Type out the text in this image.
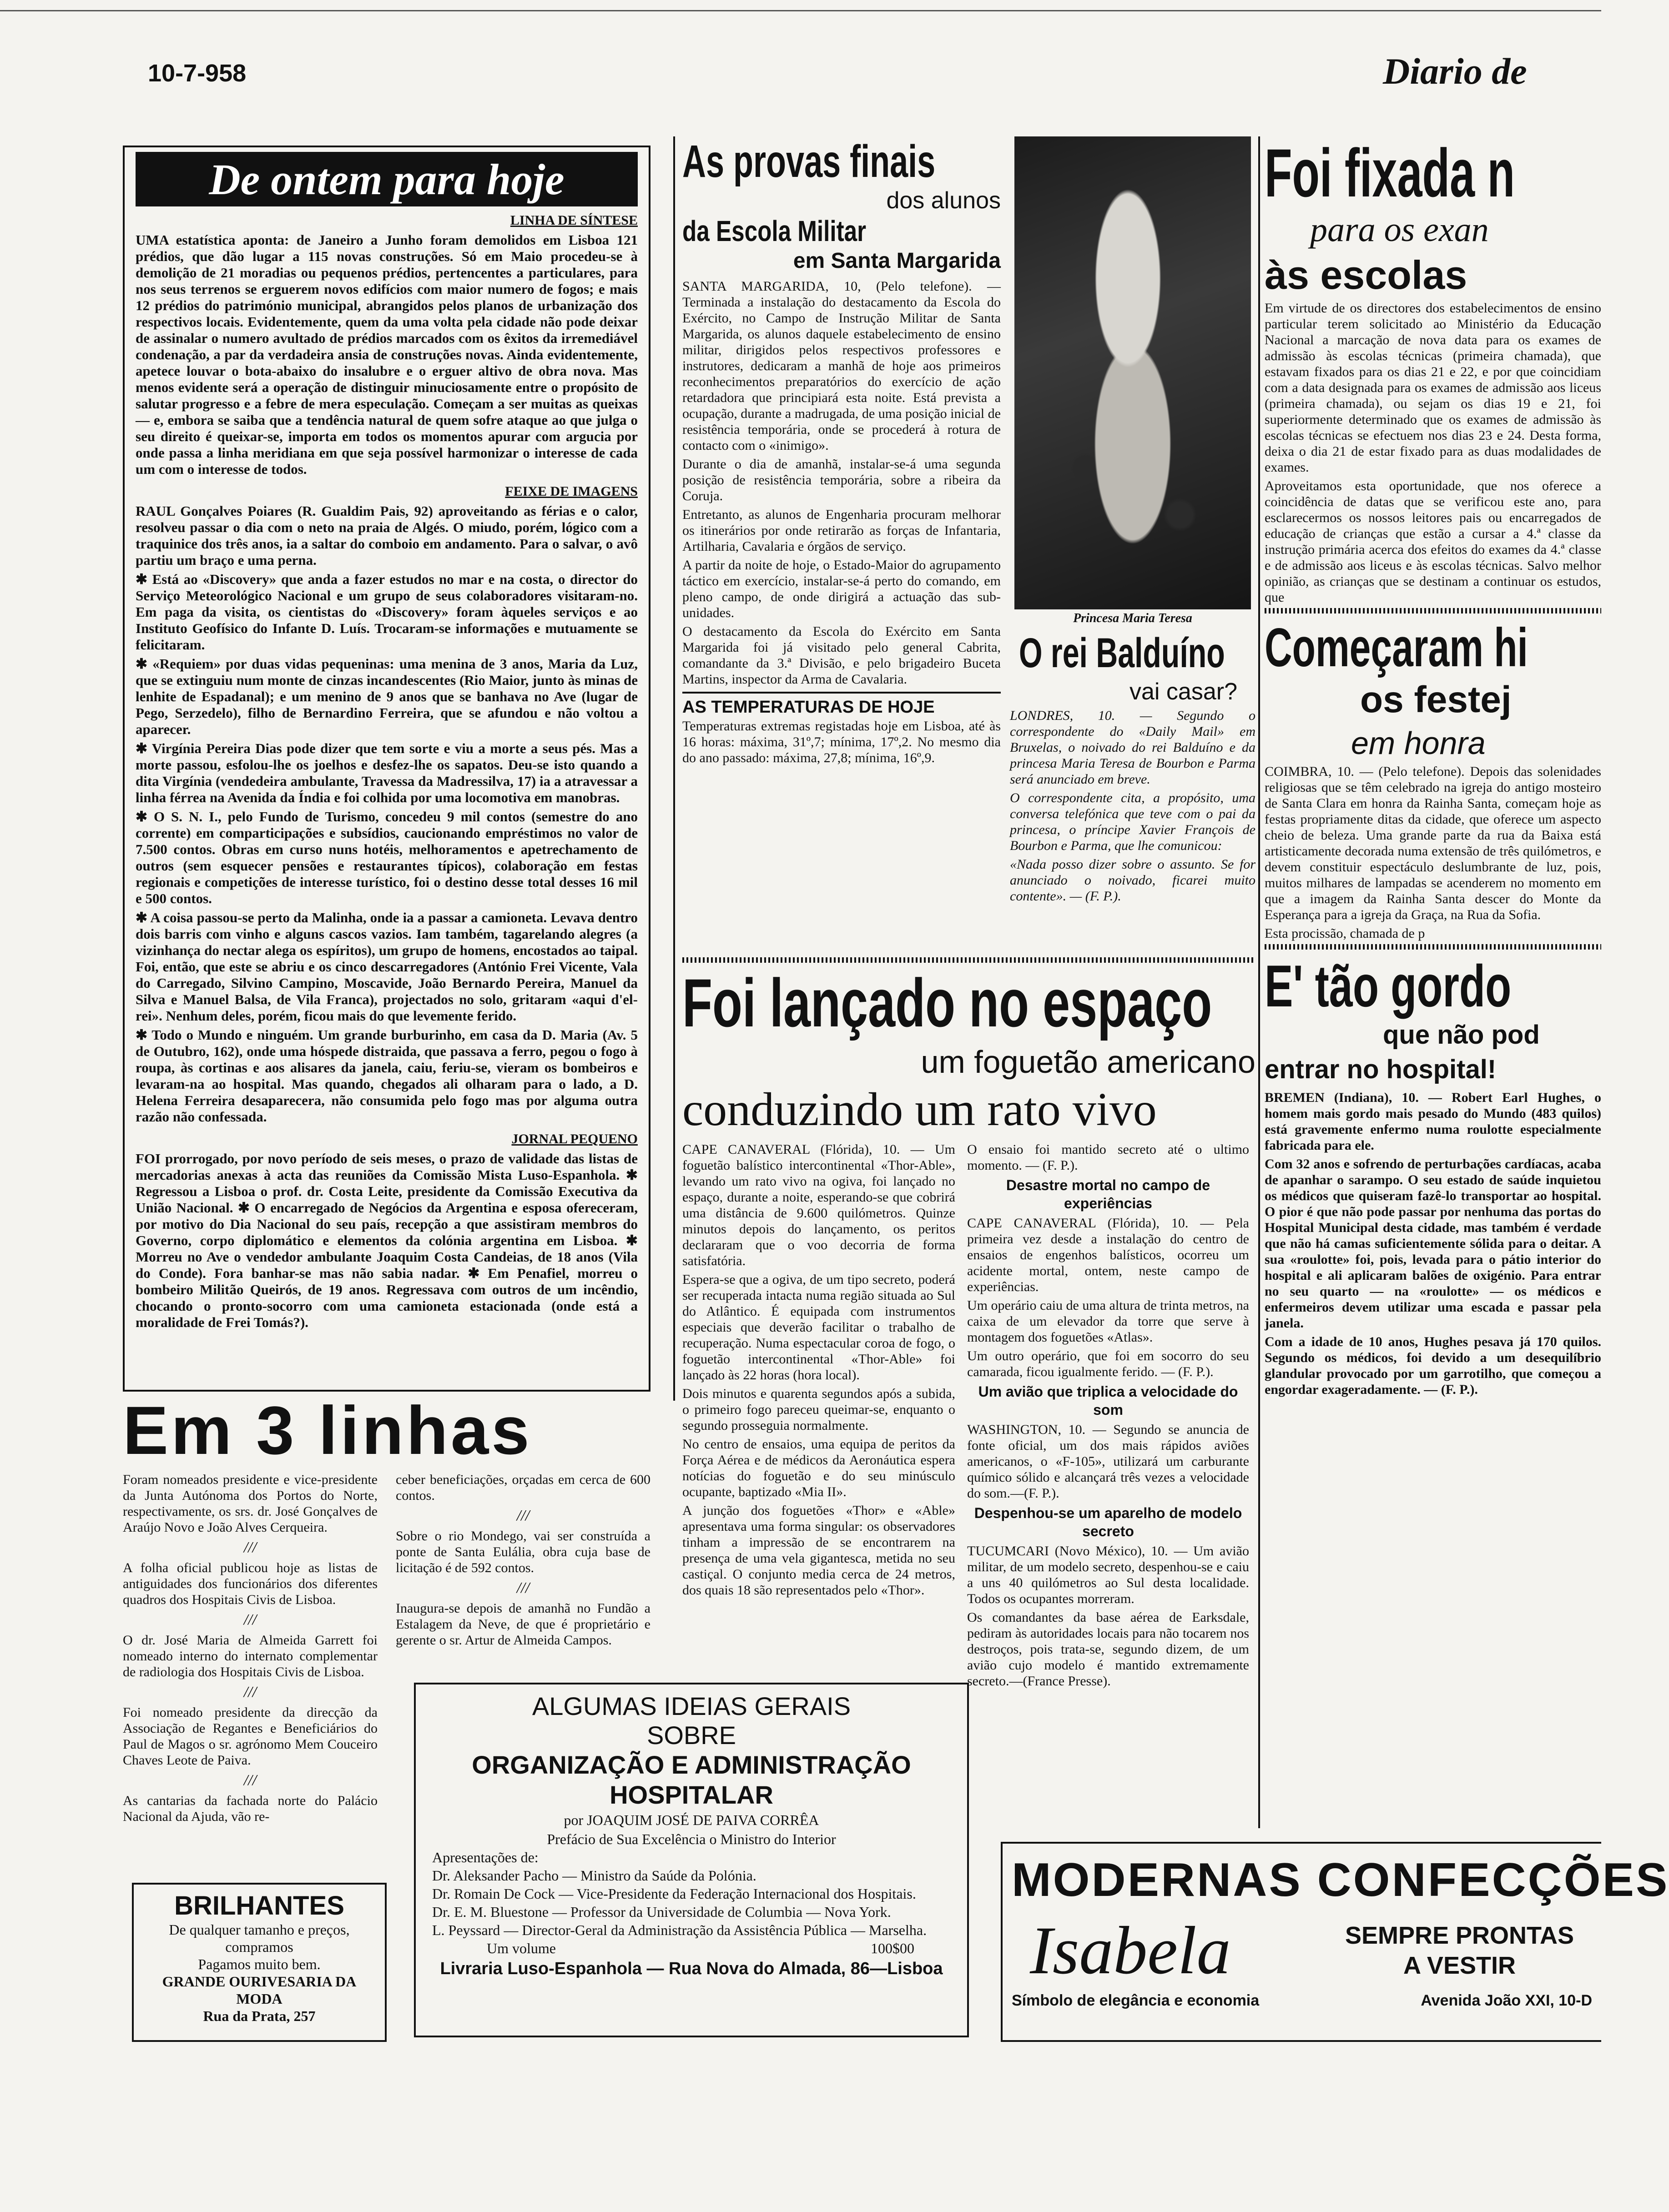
10-7-958	Diario de
De ontem para hoje
LINHA DE SÍNTESE

UMA estatística aponta: de Janeiro a Junho foram demolidos em Lisboa 121 prédios, que dão lugar a 115 novas construções. Só em Maio procedeu-se à demolição de 21 moradias ou pequenos prédios, pertencentes a particulares, para nos seus terrenos se erguerem novos edifícios com maior numero de fogos; e mais 12 prédios do património municipal, abrangidos pelos planos de urbanização dos respectivos locais. Evidentemente, quem da uma volta pela cidade não pode deixar de assinalar o numero avultado de prédios marcados com os êxitos da irremediável condenação, a par da verdadeira ansia de construções novas. Ainda evidentemente, apetece louvar o bota-abaixo do insalubre e o erguer altivo de obra nova. Mas menos evidente será a operação de distinguir minuciosamente entre o propósito de salutar progresso e a febre de mera especulação. Começam a ser muitas as queixas — e, embora se saiba que a tendência natural de quem sofre ataque ao que julga o seu direito é queixar-se, importa em todos os momentos apurar com argucia por onde passa a linha meridiana em que seja possível harmonizar o interesse de cada um com o interesse de todos.

FEIXE DE IMAGENS

RAUL Gonçalves Poiares (R. Gualdim Pais, 92) aproveitando as férias e o calor, resolveu passar o dia com o neto na praia de Algés. O miudo, porém, lógico com a traquinice dos três anos, ia a saltar do comboio em andamento. Para o salvar, o avô partiu um braço e uma perna.

✱ Está ao «Discovery» que anda a fazer estudos no mar e na costa, o director do Serviço Meteorológico Nacional e um grupo de seus colaboradores visitaram-no. Em paga da visita, os cientistas do «Discovery» foram àqueles serviços e ao Instituto Geofísico do Infante D. Luís. Trocaram-se informações e mutuamente se felicitaram.

✱ «Requiem» por duas vidas pequeninas: uma menina de 3 anos, Maria da Luz, que se extinguiu num monte de cinzas incandescentes (Rio Maior, junto às minas de lenhite de Espadanal); e um menino de 9 anos que se banhava no Ave (lugar de Pego, Serzedelo), filho de Bernardino Ferreira, que se afundou e não voltou a aparecer.

✱ Virgínia Pereira Dias pode dizer que tem sorte e viu a morte a seus pés. Mas a morte passou, esfolou-lhe os joelhos e desfez-lhe os sapatos. Deu-se isto quando a dita Virgínia (vendedeira ambulante, Travessa da Madressilva, 17) ia a atravessar a linha férrea na Avenida da Índia e foi colhida por uma locomotiva em manobras.

✱ O S. N. I., pelo Fundo de Turismo, concedeu 9 mil contos (semestre do ano corrente) em comparticipações e subsídios, caucionando empréstimos no valor de 7.500 contos. Obras em curso nuns hotéis, melhoramentos e apetrechamento de outros (sem esquecer pensões e restaurantes típicos), colaboração em festas regionais e competições de interesse turístico, foi o destino desse total desses 16 mil e 500 contos.

✱ A coisa passou-se perto da Malinha, onde ia a passar a camioneta. Levava dentro dois barris com vinho e alguns cascos vazios. Iam também, tagarelando alegres (a vizinhança do nectar alega os espíritos), um grupo de homens, encostados ao taipal. Foi, então, que este se abriu e os cinco descarregadores (António Frei Vicente, Vala do Carregado, Silvino Campino, Moscavide, João Bernardo Pereira, Manuel da Silva e Manuel Balsa, de Vila Franca), projectados no solo, gritaram «aqui d'el-rei». Nenhum deles, porém, ficou mais do que levemente ferido.

✱ Todo o Mundo e ninguém. Um grande burburinho, em casa da D. Maria (Av. 5 de Outubro, 162), onde uma hóspede distraida, que passava a ferro, pegou o fogo à roupa, às cortinas e aos alisares da janela, caiu, feriu-se, vieram os bombeiros e levaram-na ao hospital. Mas quando, chegados ali olharam para o lado, a D. Helena Ferreira desaparecera, não consumida pelo fogo mas por alguma outra razão não confessada.

JORNAL PEQUENO

FOI prorrogado, por novo período de seis meses, o prazo de validade das listas de mercadorias anexas à acta das reuniões da Comissão Mista Luso-Espanhola. ✱ Regressou a Lisboa o prof. dr. Costa Leite, presidente da Comissão Executiva da União Nacional. ✱ O encarregado de Negócios da Argentina e esposa ofereceram, por motivo do Dia Nacional do seu país, recepção a que assistiram membros do Governo, corpo diplomático e elementos da colónia argentina em Lisboa. ✱ Morreu no Ave o vendedor ambulante Joaquim Costa Candeias, de 18 anos (Vila do Conde). Fora banhar-se mas não sabia nadar. ✱ Em Penafiel, morreu o bombeiro Militão Queirós, de 19 anos. Regressava com outros de um incêndio, chocando o pronto-socorro com uma camioneta estacionada (onde está a moralidade de Frei Tomás?).

As provas finais
dos alunos
da Escola Militar
em Santa Margarida

SANTA MARGARIDA, 10, (Pelo telefone). — Terminada a instalação do destacamento da Escola do Exército, no Campo de Instrução Militar de Santa Margarida, os alunos daquele estabelecimento de ensino militar, dirigidos pelos respectivos professores e instrutores, dedicaram a manhã de hoje aos primeiros reconhecimentos preparatórios do exercício de ação retardadora que principiará esta noite. Está prevista a ocupação, durante a madrugada, de uma posição inicial de resistência temporária, onde se procederá à rotura de contacto com o «inimigo».

Durante o dia de amanhã, instalar-se-á uma segunda posição de resistência temporária, sobre a ribeira da Coruja.

Entretanto, as alunos de Engenharia procuram melhorar os itinerários por onde retirarão as forças de Infantaria, Artilharia, Cavalaria e órgãos de serviço.

A partir da noite de hoje, o Estado-Maior do agrupamento táctico em exercício, instalar-se-á perto do comando, em pleno campo, de onde dirigirá a actuação das sub-unidades.

O destacamento da Escola do Exército em Santa Margarida foi já visitado pelo general Cabrita, comandante da 3.ª Divisão, e pelo brigadeiro Buceta Martins, inspector da Arma de Cavalaria.

AS TEMPERATURAS DE HOJE

Temperaturas extremas registadas hoje em Lisboa, até às 16 horas: máxima, 31º,7; mínima, 17º,2. No mesmo dia do ano passado: máxima, 27,8; mínima, 16º,9.

Princesa Maria Teresa
O rei Balduíno
vai casar?

LONDRES, 10. — Segundo o correspondente do «Daily Mail» em Bruxelas, o noivado do rei Balduíno e da princesa Maria Teresa de Bourbon e Parma será anunciado em breve.

O correspondente cita, a propósito, uma conversa telefónica que teve com o pai da princesa, o príncipe Xavier François de Bourbon e Parma, que lhe comunicou:

«Nada posso dizer sobre o assunto. Se for anunciado o noivado, ficarei muito contente». — (F. P.).

Foi lançado no espaço
um foguetão americano
conduzindo um rato vivo

CAPE CANAVERAL (Flórida), 10. — Um foguetão balístico intercontinental «Thor-Able», levando um rato vivo na ogiva, foi lançado no espaço, durante a noite, esperando-se que cobrirá uma distância de 9.600 quilómetros. Quinze minutos depois do lançamento, os peritos declararam que o voo decorria de forma satisfatória.

Espera-se que a ogiva, de um tipo secreto, poderá ser recuperada intacta numa região situada ao Sul do Atlântico. É equipada com instrumentos especiais que deverão facilitar o trabalho de recuperação. Numa espectacular coroa de fogo, o foguetão intercontinental «Thor-Able» foi lançado às 22 horas (hora local).

Dois minutos e quarenta segundos após a subida, o primeiro fogo pareceu queimar-se, enquanto o segundo prosseguia normalmente.

No centro de ensaios, uma equipa de peritos da Força Aérea e de médicos da Aeronáutica espera notícias do foguetão e do seu minúsculo ocupante, baptizado «Mia II».

A junção dos foguetões «Thor» e «Able» apresentava uma forma singular: os observadores tinham a impressão de se encontrarem na presença de uma vela gigantesca, metida no seu castiçal. O conjunto media cerca de 24 metros, dos quais 18 são representados pelo «Thor».

O ensaio foi mantido secreto até o ultimo momento. — (F. P.).

Desastre mortal no campo de experiências

CAPE CANAVERAL (Flórida), 10. — Pela primeira vez desde a instalação do centro de ensaios de engenhos balísticos, ocorreu um acidente mortal, ontem, neste campo de experiências.

Um operário caiu de uma altura de trinta metros, na caixa de um elevador da torre que serve à montagem dos foguetões «Atlas».

Um outro operário, que foi em socorro do seu camarada, ficou igualmente ferido. — (F. P.).

Um avião que triplica a velocidade do som

WASHINGTON, 10. — Segundo se anuncia de fonte oficial, um dos mais rápidos aviões americanos, o «F-105», utilizará um carburante químico sólido e alcançará três vezes a velocidade do som.—(F. P.).

Despenhou-se um aparelho de modelo secreto

TUCUMCARI (Novo México), 10. — Um avião militar, de um modelo secreto, despenhou-se e caiu a uns 40 quilómetros ao Sul desta localidade. Todos os ocupantes morreram.

Os comandantes da base aérea de Earksdale, pediram às autoridades locais para não tocarem nos destroços, pois trata-se, segundo dizem, de um avião cujo modelo é mantido extremamente secreto.—(France Presse).

Foi fixada n
para os exan
às escolas

Em virtude de os directores dos estabelecimentos de ensino particular terem solicitado ao Ministério da Educação Nacional a marcação de nova data para os exames de admissão às escolas técnicas (primeira chamada), que estavam fixados para os dias 21 e 22, e por que coincidiam com a data designada para os exames de admissão aos liceus (primeira chamada), ou sejam os dias 19 e 21, foi superiormente determinado que os exames de admissão às escolas técnicas se efectuem nos dias 23 e 24. Desta forma, deixa o dia 21 de estar fixado para as duas modalidades de exames.

Aproveitamos esta oportunidade, que nos oferece a coincidência de datas que se verificou este ano, para esclarecermos os nossos leitores pais ou encarregados de educação de crianças que estão a cursar a 4.ª classe da instrução primária acerca dos efeitos do exames da 4.ª classe e de admissão aos liceus e às escolas técnicas. Salvo melhor opinião, as crianças que se destinam a continuar os estudos, que

Começaram hi
os festej
em honra

COIMBRA, 10. — (Pelo telefone). Depois das solenidades religiosas que se têm celebrado na igreja do antigo mosteiro de Santa Clara em honra da Rainha Santa, começam hoje as festas propriamente ditas da cidade, que oferece um aspecto cheio de beleza. Uma grande parte da rua da Baixa está artisticamente decorada numa extensão de três quilómetros, e devem constituir espectáculo deslumbrante de luz, pois, muitos milhares de lampadas se acenderem no momento em que a imagem da Rainha Santa descer do Monte da Esperança para a igreja da Graça, na Rua da Sofia.

Esta procissão, chamada de p

E' tão gordo
que não pod
entrar no hospital!

BREMEN (Indiana), 10. — Robert Earl Hughes, o homem mais gordo mais pesado do Mundo (483 quilos) está gravemente enfermo numa roulotte especialmente fabricada para ele.

Com 32 anos e sofrendo de perturbações cardíacas, acaba de apanhar o sarampo. O seu estado de saúde inquietou os médicos que quiseram fazê-lo transportar ao hospital. O pior é que não pode passar por nenhuma das portas do Hospital Municipal desta cidade, mas também é verdade que não há camas suficientemente sólida para o deitar. A sua «roulotte» foi, pois, levada para o pátio interior do hospital e ali aplicaram balões de oxigénio. Para entrar no seu quarto — na «roulotte» — os médicos e enfermeiros devem utilizar uma escada e passar pela janela.

Com a idade de 10 anos, Hughes pesava já 170 quilos. Segundo os médicos, foi devido a um desequilíbrio glandular provocado por um garrotilho, que começou a engordar exageradamente. — (F. P.).

Em 3 linhas

Foram nomeados presidente e vice-presidente da Junta Autónoma dos Portos do Norte, respectivamente, os srs. dr. José Gonçalves de Araújo Novo e João Alves Cerqueira.

///

A folha oficial publicou hoje as listas de antiguidades dos funcionários dos diferentes quadros dos Hospitais Civis de Lisboa.

///

O dr. José Maria de Almeida Garrett foi nomeado interno do internato complementar de radiologia dos Hospitais Civis de Lisboa.

///

Foi nomeado presidente da direcção da Associação de Regantes e Beneficiários do Paul de Magos o sr. agrónomo Mem Couceiro Chaves Leote de Paiva.

///

As cantarias da fachada norte do Palácio Nacional da Ajuda, vão re-

ceber beneficiações, orçadas em cerca de 600 contos.

///

Sobre o rio Mondego, vai ser construída a ponte de Santa Eulália, obra cuja base de licitação é de 592 contos.

///

Inaugura-se depois de amanhã no Fundão a Estalagem da Neve, de que é proprietário e gerente o sr. Artur de Almeida Campos.

BRILHANTES
De qualquer tamanho e preços, compramos
Pagamos muito bem.
GRANDE OURIVESARIA DA MODA
Rua da Prata, 257
ALGUMAS IDEIAS GERAIS
SOBRE
ORGANIZAÇÃO E ADMINISTRAÇÃO
HOSPITALAR
por JOAQUIM JOSÉ DE PAIVA CORRÊA
Prefácio de Sua Excelência o Ministro do Interior
Apresentações de:
Dr. Aleksander Pacho — Ministro da Saúde da Polónia.
Dr. Romain De Cock — Vice-Presidente da Federação Internacional dos Hospitais.
Dr. E. M. Bluestone — Professor da Universidade de Columbia — Nova York.
L. Peyssard — Director-Geral da Administração da Assistência Pública — Marselha.
Um volume	100$00
Livraria Luso-Espanhola — Rua Nova do Almada, 86—Lisboa
MODERNAS CONFECÇÕES
Isabela	SEMPRE PRONTAS
A VESTIR
Símbolo de elegância e economia	Avenida João XXI, 10-D
